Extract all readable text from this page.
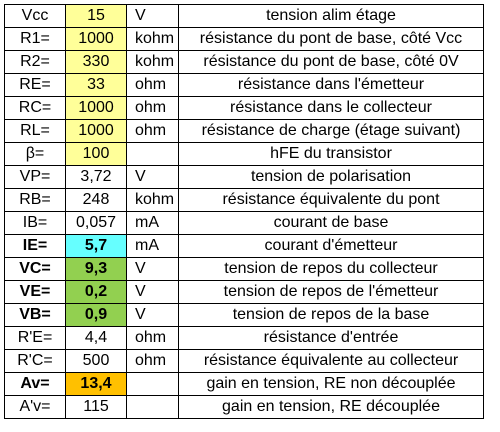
Vcc	15	V	tension alim étage
R1=	1000	kohm	résistance du pont de base, côté Vcc
R2=	330	kohm	résistance du pont de base, côté 0V
RE=	33	ohm	résistance dans l'émetteur
RC=	1000	ohm	résistance dans le collecteur
RL=	1000	ohm	résistance de charge (étage suivant)
β=	100		hFE du transistor
VP=	3,72	V	tension de polarisation
RB=	248	kohm	résistance équivalente du pont
IB=	0,057	mA	courant de base
IE=	5,7	mA	courant d'émetteur
VC=	9,3	V	tension de repos du collecteur
VE=	0,2	V	tension de repos de l'émetteur
VB=	0,9	V	tension de repos de la base
R'E=	4,4	ohm	résistance d'entrée
R'C=	500	ohm	résistance équivalente au collecteur
Av=	13,4		gain en tension, RE non découplée
A'v=	115		gain en tension, RE découplée
